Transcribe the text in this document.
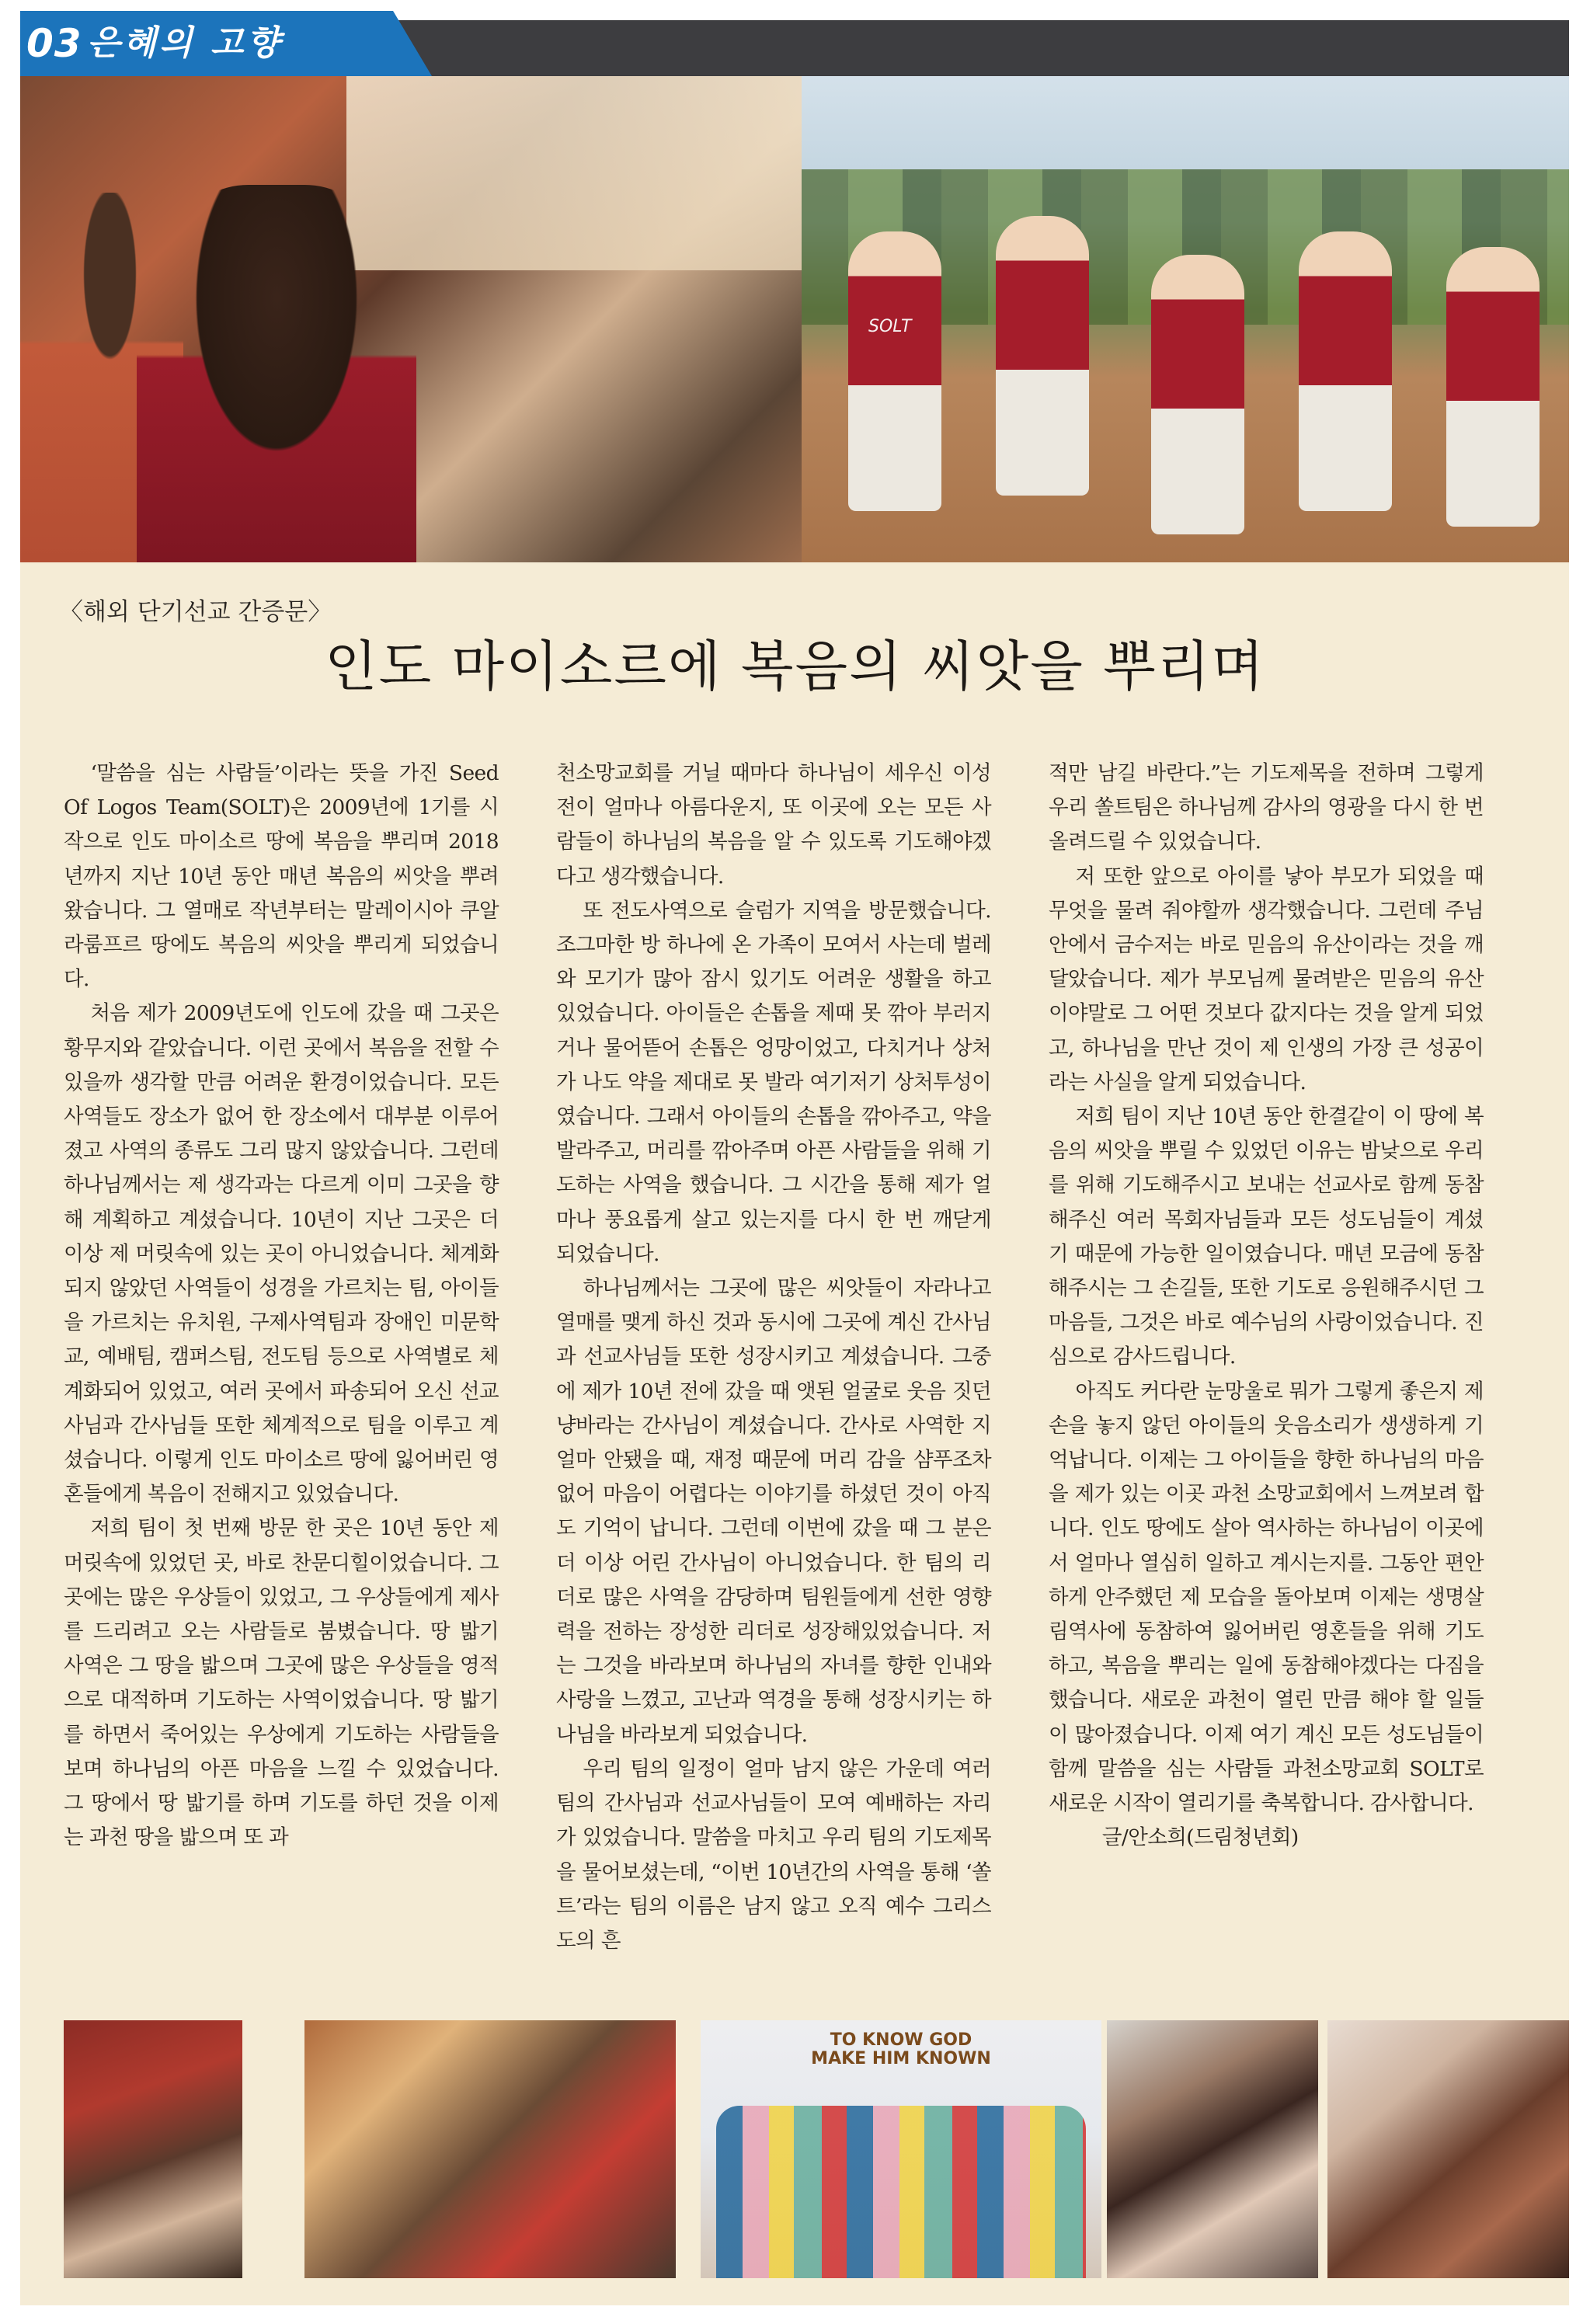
03 은혜의 고향
SOLT
〈해외 단기선교 간증문〉
인도 마이소르에 복음의 씨앗을 뿌리며

‘말씀을 심는 사람들’이라는 뜻을 가진 Seed Of Logos Team(SOLT)은 2009년에 1기를 시작으로 인도 마이소르 땅에 복음을 뿌리며 2018년까지 지난 10년 동안 매년 복음의 씨앗을 뿌려왔습니다. 그 열매로 작년부터는 말레이시아 쿠알라룸프르 땅에도 복음의 씨앗을 뿌리게 되었습니다.

처음 제가 2009년도에 인도에 갔을 때 그곳은 황무지와 같았습니다. 이런 곳에서 복음을 전할 수 있을까 생각할 만큼 어려운 환경이었습니다. 모든 사역들도 장소가 없어 한 장소에서 대부분 이루어졌고 사역의 종류도 그리 많지 않았습니다. 그런데 하나님께서는 제 생각과는 다르게 이미 그곳을 향해 계획하고 계셨습니다. 10년이 지난 그곳은 더 이상 제 머릿속에 있는 곳이 아니었습니다. 체계화 되지 않았던 사역들이 성경을 가르치는 팀, 아이들을 가르치는 유치원, 구제사역팀과 장애인 미문학교, 예배팀, 캠퍼스팀, 전도팀 등으로 사역별로 체계화되어 있었고, 여러 곳에서 파송되어 오신 선교사님과 간사님들 또한 체계적으로 팀을 이루고 계셨습니다. 이렇게 인도 마이소르 땅에 잃어버린 영혼들에게 복음이 전해지고 있었습니다.

저희 팀이 첫 번째 방문 한 곳은 10년 동안 제 머릿속에 있었던 곳, 바로 찬문디힐이었습니다. 그곳에는 많은 우상들이 있었고, 그 우상들에게 제사를 드리려고 오는 사람들로 붐볐습니다. 땅 밟기 사역은 그 땅을 밟으며 그곳에 많은 우상들을 영적으로 대적하며 기도하는 사역이었습니다. 땅 밟기를 하면서 죽어있는 우상에게 기도하는 사람들을 보며 하나님의 아픈 마음을 느낄 수 있었습니다. 그 땅에서 땅 밟기를 하며 기도를 하던 것을 이제는 과천 땅을 밟으며 또 과

천소망교회를 거닐 때마다 하나님이 세우신 이성전이 얼마나 아름다운지, 또 이곳에 오는 모든 사람들이 하나님의 복음을 알 수 있도록 기도해야겠다고 생각했습니다.

또 전도사역으로 슬럼가 지역을 방문했습니다. 조그마한 방 하나에 온 가족이 모여서 사는데 벌레와 모기가 많아 잠시 있기도 어려운 생활을 하고 있었습니다. 아이들은 손톱을 제때 못 깎아 부러지거나 물어뜯어 손톱은 엉망이었고, 다치거나 상처가 나도 약을 제대로 못 발라 여기저기 상처투성이였습니다. 그래서 아이들의 손톱을 깎아주고, 약을 발라주고, 머리를 깎아주며 아픈 사람들을 위해 기도하는 사역을 했습니다. 그 시간을 통해 제가 얼마나 풍요롭게 살고 있는지를 다시 한 번 깨닫게 되었습니다.

하나님께서는 그곳에 많은 씨앗들이 자라나고 열매를 맺게 하신 것과 동시에 그곳에 계신 간사님과 선교사님들 또한 성장시키고 계셨습니다. 그중에 제가 10년 전에 갔을 때 앳된 얼굴로 웃음 짓던 냥바라는 간사님이 계셨습니다. 간사로 사역한 지 얼마 안됐을 때, 재정 때문에 머리 감을 샴푸조차 없어 마음이 어렵다는 이야기를 하셨던 것이 아직도 기억이 납니다. 그런데 이번에 갔을 때 그 분은 더 이상 어린 간사님이 아니었습니다. 한 팀의 리더로 많은 사역을 감당하며 팀원들에게 선한 영향력을 전하는 장성한 리더로 성장해있었습니다. 저는 그것을 바라보며 하나님의 자녀를 향한 인내와 사랑을 느꼈고, 고난과 역경을 통해 성장시키는 하나님을 바라보게 되었습니다.

우리 팀의 일정이 얼마 남지 않은 가운데 여러 팀의 간사님과 선교사님들이 모여 예배하는 자리가 있었습니다. 말씀을 마치고 우리 팀의 기도제목을 물어보셨는데, “이번 10년간의 사역을 통해 ‘쏠트’라는 팀의 이름은 남지 않고 오직 예수 그리스도의 흔

적만 남길 바란다.”는 기도제목을 전하며 그렇게 우리 쏠트팀은 하나님께 감사의 영광을 다시 한 번 올려드릴 수 있었습니다.

저 또한 앞으로 아이를 낳아 부모가 되었을 때 무엇을 물려 줘야할까 생각했습니다. 그런데 주님 안에서 금수저는 바로 믿음의 유산이라는 것을 깨달았습니다. 제가 부모님께 물려받은 믿음의 유산이야말로 그 어떤 것보다 값지다는 것을 알게 되었고, 하나님을 만난 것이 제 인생의 가장 큰 성공이라는 사실을 알게 되었습니다.

저희 팀이 지난 10년 동안 한결같이 이 땅에 복음의 씨앗을 뿌릴 수 있었던 이유는 밤낮으로 우리를 위해 기도해주시고 보내는 선교사로 함께 동참해주신 여러 목회자님들과 모든 성도님들이 계셨기 때문에 가능한 일이였습니다. 매년 모금에 동참해주시는 그 손길들, 또한 기도로 응원해주시던 그 마음들, 그것은 바로 예수님의 사랑이었습니다. 진심으로 감사드립니다.

아직도 커다란 눈망울로 뭐가 그렇게 좋은지 제 손을 놓지 않던 아이들의 웃음소리가 생생하게 기억납니다. 이제는 그 아이들을 향한 하나님의 마음을 제가 있는 이곳 과천 소망교회에서 느껴보려 합니다. 인도 땅에도 살아 역사하는 하나님이 이곳에서 얼마나 열심히 일하고 계시는지를. 그동안 편안하게 안주했던 제 모습을 돌아보며 이제는 생명살림역사에 동참하여 잃어버린 영혼들을 위해 기도하고, 복음을 뿌리는 일에 동참해야겠다는 다짐을 했습니다. 새로운 과천이 열린 만큼 해야 할 일들이 많아졌습니다. 이제 여기 계신 모든 성도님들이 함께 말씀을 심는 사람들 과천소망교회 SOLT로 새로운 시작이 열리기를 축복합니다. 감사합니다.

글/안소희(드림청년회)

TO KNOW GOD
MAKE HIM KNOWN
